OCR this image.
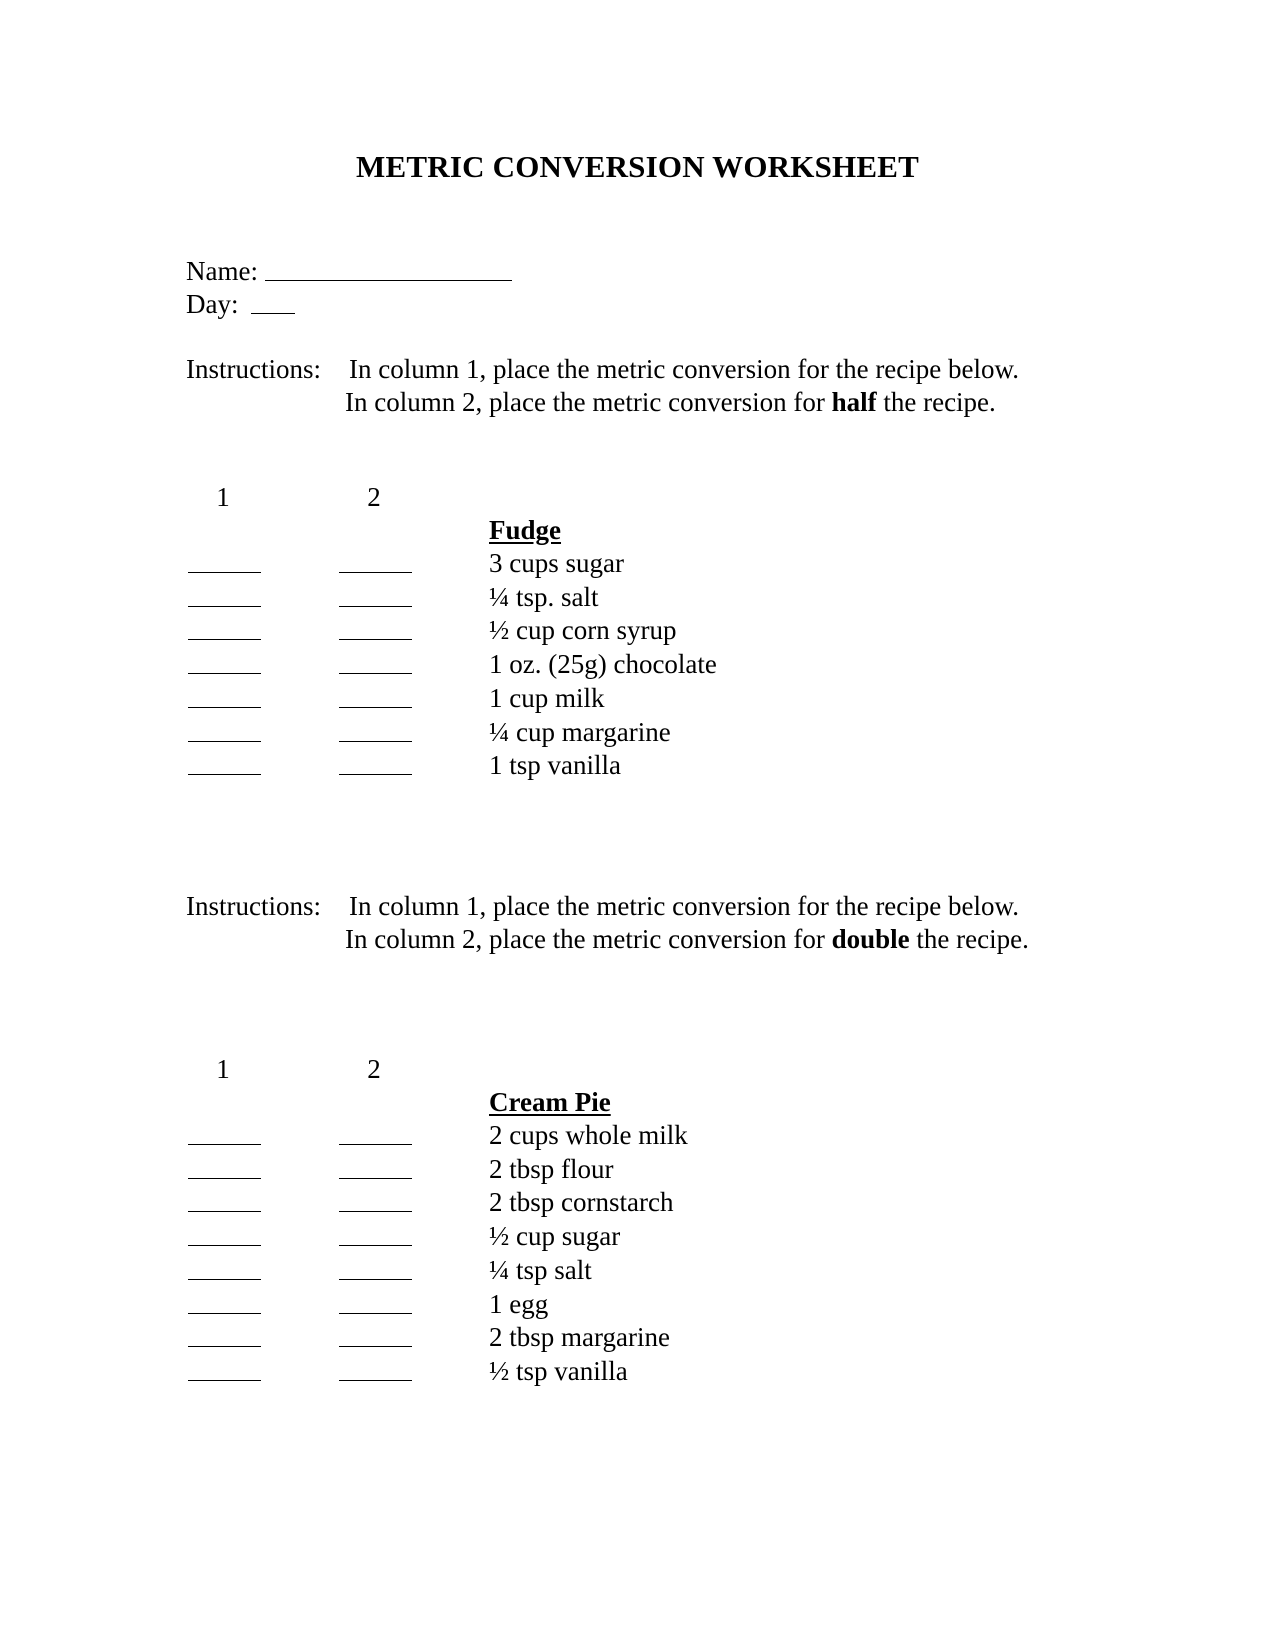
METRIC CONVERSION WORKSHEET
Name:
Day:
Instructions: In column 1, place the metric conversion for the recipe below.
In column 2, place the metric conversion for half the recipe.
1	2
Fudge
3 cups sugar
¼ tsp. salt
½ cup corn syrup
1 oz. (25g) chocolate
1 cup milk
¼ cup margarine
1 tsp vanilla
Instructions: In column 1, place the metric conversion for the recipe below.
In column 2, place the metric conversion for double the recipe.
1	2
Cream Pie
2 cups whole milk
2 tbsp flour
2 tbsp cornstarch
½ cup sugar
¼ tsp salt
1 egg
2 tbsp margarine
½ tsp vanilla
